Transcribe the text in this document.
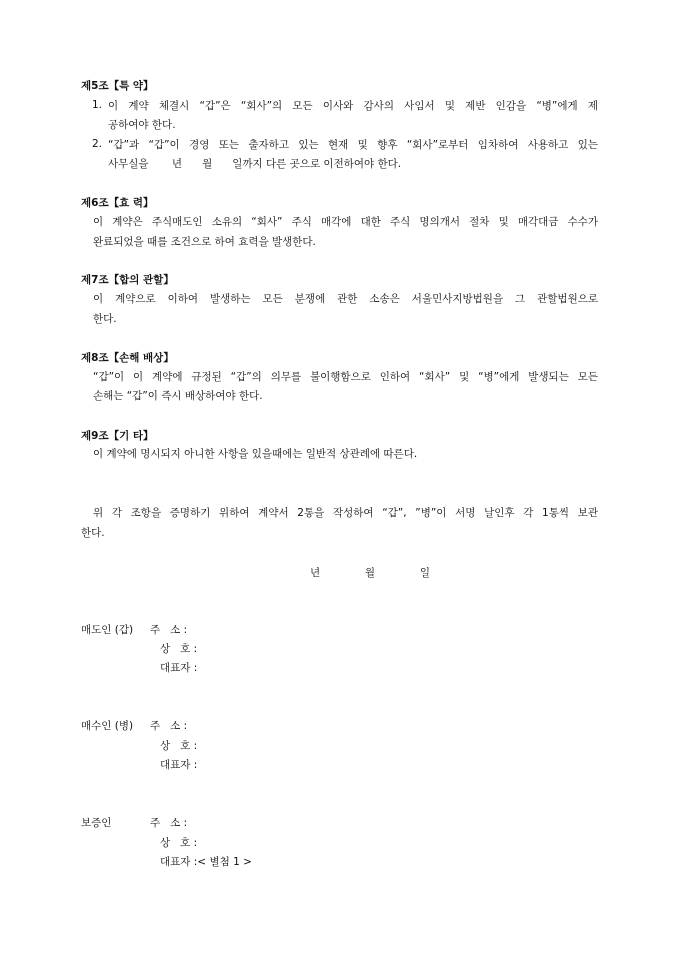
제5조【특 약】
1. 이 계약 체결시 “갑”은 “회사”의 모든 이사와 감사의 사임서 및 제반 인감을 “병”에게 제
공하여야 한다.
2. “갑”과 “갑”이 경영 또는 출자하고 있는 현재 및 향후 “회사”로부터 임차하여 사용하고 있는
사무실을       년      월      일까지 다른 곳으로 이전하여야 한다.
제6조【효 력】
이 계약은 주식매도인 소유의 “회사” 주식 매각에 대한 주식 명의개서 절차 및 매각대금 수수가
완료되었을 때를 조건으로 하여 효력을 발생한다.
제7조【합의 관할】
이 계약으로 이하여 발생하는 모든 분쟁에 관한 소송은 서울민사지방법원을 그 관할법원으로
한다.
제8조【손해 배상】
“갑”이 이 계약에 규정된 “갑”의 의무를 불이행함으로 인하여 “회사” 및 “병”에게 발생되는 모든
손해는 “갑”이 즉시 배상하여야 한다.
제9조【기 타】
이 계약에 명시되지 아니한 사항을 있을때에는 일반적 상관례에 따른다.
위 각 조항을 증명하기 위하여 계약서 2통을 작성하여 “갑”, ”병”이 서명 날인후 각 1통씩 보관
한다.
년	월	일
매도인 (갑) 주   소 :
상   호 :
대표자 :
매수인 (병) 주   소 :
상   호 :
대표자 :
보증인	주   소 :
상   호 :
대표자 :< 별첨 1 >
